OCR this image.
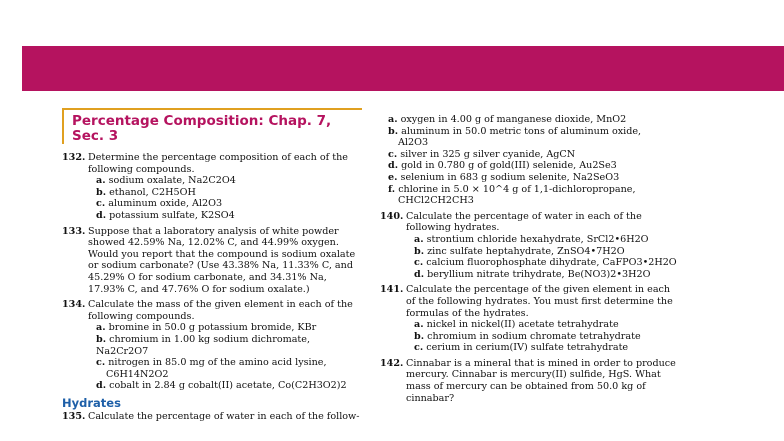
Percentage Composition: Chap. 7, Sec. 3
132. Determine the percentage composition of each of the following compounds.
a. sodium oxalate, Na2C2O4
b. ethanol, C2H5OH
c. aluminum oxide, Al2O3
d. potassium sulfate, K2SO4
133. Suppose that a laboratory analysis of white powder showed 42.59% Na, 12.02% C, and 44.99% oxygen. Would you report that the compound is sodium oxalate or sodium carbonate? (Use 43.38% Na, 11.33% C, and 45.29% O for sodium carbonate, and 34.31% Na, 17.93% C, and 47.76% O for sodium oxalate.)
134. Calculate the mass of the given element in each of the following compounds.
a. bromine in 50.0 g potassium bromide, KBr
b. chromium in 1.00 kg sodium dichromate, Na2Cr2O7
c. nitrogen in 85.0 mg of the amino acid lysine,
C6H14N2O2
d. cobalt in 2.84 g cobalt(II) acetate, Co(C2H3O2)2
Hydrates
135. Calculate the percentage of water in each of the follow-
a. oxygen in 4.00 g of manganese dioxide, MnO2
b. aluminum in 50.0 metric tons of aluminum oxide,
Al2O3
c. silver in 325 g silver cyanide, AgCN
d. gold in 0.780 g of gold(III) selenide, Au2Se3
e. selenium in 683 g sodium selenite, Na2SeO3
f. chlorine in 5.0 × 10^4 g of 1,1-dichloropropane,
CHCl2CH2CH3
140. Calculate the percentage of water in each of the following hydrates.
a. strontium chloride hexahydrate, SrCl2•6H2O
b. zinc sulfate heptahydrate, ZnSO4•7H2O
c. calcium fluorophosphate dihydrate, CaFPO3•2H2O
d. beryllium nitrate trihydrate, Be(NO3)2•3H2O
141. Calculate the percentage of the given element in each of the following hydrates. You must first determine the formulas of the hydrates.
a. nickel in nickel(II) acetate tetrahydrate
b. chromium in sodium chromate tetrahydrate
c. cerium in cerium(IV) sulfate tetrahydrate
142. Cinnabar is a mineral that is mined in order to produce mercury. Cinnabar is mercury(II) sulfide, HgS. What mass of mercury can be obtained from 50.0 kg of cinnabar?
